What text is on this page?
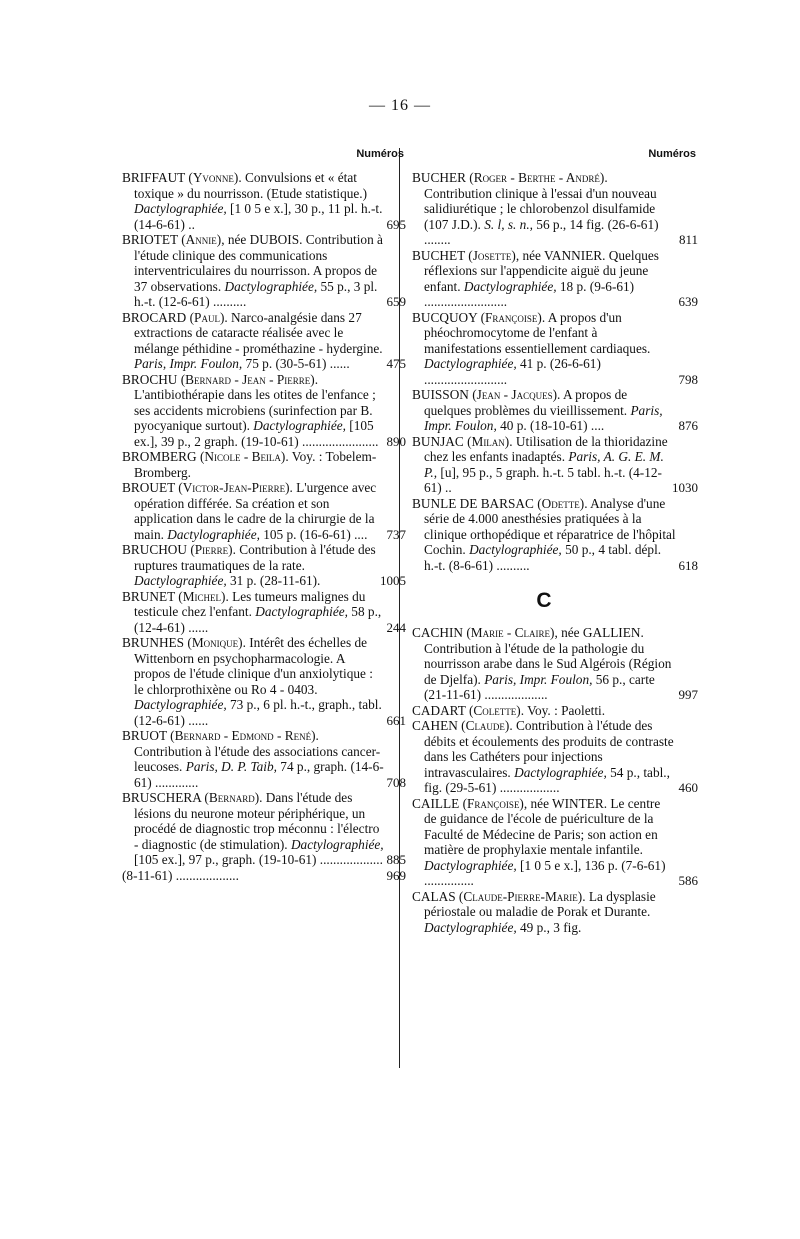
— 16 —
Numéros
BRIFFAUT (Yvonne). Convulsions et « état toxique » du nourrisson. (Etude statistique.) Dactylographiée, [1 0 5 e x.], 30 p., 11 pl. h.-t. (14-6-61) ..	695
BRIOTET (Annie), née DUBOIS. Contribution à l'étude clinique des communications interventriculaires du nourrisson. A propos de 37 observations. Dactylographiée, 55 p., 3 pl. h.-t. (12-6-61) ..........	659
BROCARD (Paul). Narco-analgésie dans 27 extractions de cataracte réalisée avec le mélange péthidine - prométhazine - hydergine. Paris, Impr. Foulon, 75 p. (30-5-61) ......	475
BROCHU (Bernard - Jean - Pierre). L'antibiothérapie dans les otites de l'enfance ; ses accidents microbiens (surinfection par B. pyocyanique surtout). Dactylographiée, [105 ex.], 39 p., 2 graph. (19-10-61) ....................... 890
BROMBERG (Nicole - Beila). Voy. : Tobelem-Bromberg.
BROUET (Victor-Jean-Pierre). L'urgence avec opération différée. Sa création et son application dans le cadre de la chirurgie de la main. Dactylographiée, 105 p. (16-6-61) .... 737
BRUCHOU (Pierre). Contribution à l'étude des ruptures traumatiques de la rate. Dactylographiée, 31 p. (28-11-61).	1005
BRUNET (Michel). Les tumeurs malignes du testicule chez l'enfant. Dactylographiée, 58 p., (12-4-61) ......	244
BRUNHES (Monique). Intérêt des échelles de Wittenborn en psychopharmacologie. A propos de l'étude clinique d'un anxiolytique : le chlorprothixène ou Ro 4 - 0403. Dactylographiée, 73 p., 6 pl. h.-t., graph., tabl. (12-6-61) ......	661
BRUOT (Bernard - Edmond - René). Contribution à l'étude des associations cancer-leucoses. Paris, D. P. Taib, 74 p., graph. (14-6-61) .............	708
BRUSCHERA (Bernard). Dans l'étude des lésions du neurone moteur périphérique, un procédé de diagnostic trop méconnu : l'électro - diagnostic (de stimulation). Dactylographiée, [105 ex.], 97 p., graph. (19-10-61) ................... 885
(8-11-61) ...................	969
Numéros
BUCHER (Roger - Berthe - André). Contribution clinique à l'essai d'un nouveau salidiurétique ; le chlorobenzol disulfamide (107 J.D.). S. l, s. n., 56 p., 14 fig. (26-6-61) ........	811
BUCHET (Josette), née VANNIER. Quelques réflexions sur l'appendicite aiguë du jeune enfant. Dactylographiée, 18 p. (9-6-61) .........................	639
BUCQUOY (Françoise). A propos d'un phéochromocytome de l'enfant à manifestations essentiellement cardiaques. Dactylographiée, 41 p. (26-6-61) .........................	798
BUISSON (Jean - Jacques). A propos de quelques problèmes du vieillissement. Paris, Impr. Foulon, 40 p. (18-10-61) ....	876
BUNJAC (Milan). Utilisation de la thioridazine chez les enfants inadaptés. Paris, A. G. E. M. P., [u], 95 p., 5 graph. h.-t. 5 tabl. h.-t. (4-12-61) ..	1030
BUNLE DE BARSAC (Odette). Analyse d'une série de 4.000 anesthésies pratiquées à la clinique orthopédique et réparatrice de l'hôpital Cochin. Dactylographiée, 50 p., 4 tabl. dépl. h.-t. (8-6-61) ..........	618
C
CACHIN (Marie - Claire), née GALLIEN. Contribution à l'étude de la pathologie du nourrisson arabe dans le Sud Algérois (Région de Djelfa). Paris, Impr. Foulon, 56 p., carte (21-11-61) ...................	997
CADART (Colette). Voy. : Paoletti.
CAHEN (Claude). Contribution à l'étude des débits et écoulements des produits de contraste dans les Cathéters pour injections intravasculaires. Dactylographiée, 54 p., tabl., fig. (29-5-61) ..................	460
CAILLE (Françoise), née WINTER. Le centre de guidance de l'école de puériculture de la Faculté de Médecine de Paris; son action en matière de prophylaxie mentale infantile. Dactylographiée, [1 0 5 e x.], 136 p. (7-6-61) ...............	586
CALAS (Claude-Pierre-Marie). La dysplasie périostale ou maladie de Porak et Durante. Dactylographiée, 49 p., 3 fig.
